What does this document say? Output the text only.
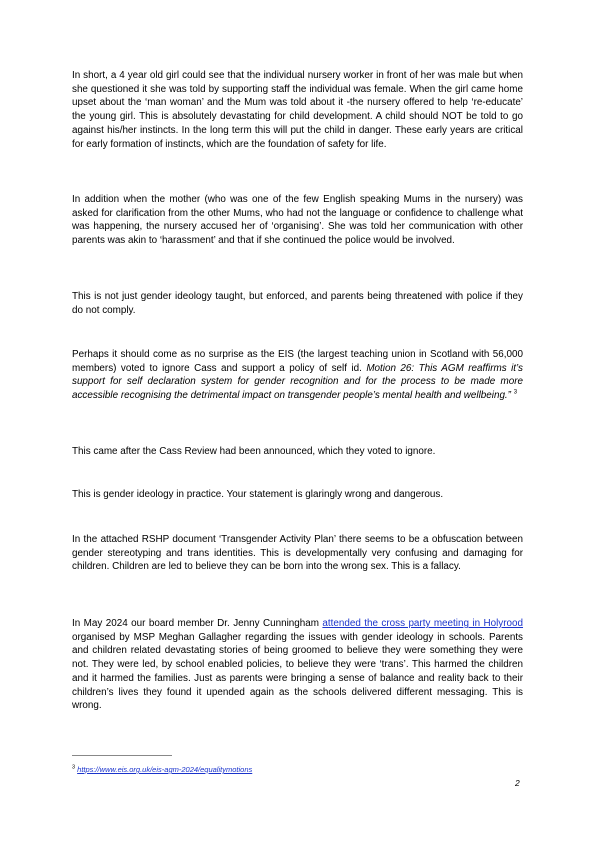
In short, a 4 year old girl could see that the individual nursery worker in front of her was male but when she questioned it she was told by supporting staff the individual was female. When the girl came home upset about the ‘man woman’ and the Mum was told about it -the nursery offered to help ‘re-educate’ the young girl. This is absolutely devastating for child development. A child should NOT be told to go against his/her instincts. In the long term this will put the child in danger. These early years are critical for early formation of instincts, which are the foundation of safety for life.

In addition when the mother (who was one of the few English speaking Mums in the nursery) was asked for clarification from the other Mums, who had not the language or confidence to challenge what was happening, the nursery accused her of ‘organising’. She was told her communication with other parents was akin to ‘harassment’ and that if she continued the police would be involved.

This is not just gender ideology taught, but enforced, and parents being threatened with police if they do not comply.

Perhaps it should come as no surprise as the EIS (the largest teaching union in Scotland with 56,000 members) voted to ignore Cass and support a policy of self id. Motion 26: This AGM reaffirms it’s support for self declaration system for gender recognition and for the process to be made more accessible recognising the detrimental impact on transgender people’s mental health and wellbeing.” $^3$

This came after the Cass Review had been announced, which they voted to ignore.

This is gender ideology in practice. Your statement is glaringly wrong and dangerous.

In the attached RSHP document ‘Transgender Activity Plan’ there seems to be a obfuscation between gender stereotyping and trans identities. This is developmentally very confusing and damaging for children. Children are led to believe they can be born into the wrong sex. This is a fallacy.

In May 2024 our board member Dr. Jenny Cunningham attended the cross party meeting in Holyrood organised by MSP Meghan Gallagher regarding the issues with gender ideology in schools. Parents and children related devastating stories of being groomed to believe they were something they were not. They were led, by school enabled policies, to believe they were ‘trans’. This harmed the children and it harmed the families. Just as parents were bringing a sense of balance and reality back to their children’s lives they found it upended again as the schools delivered different messaging. This is wrong.

$^3$ https://www.eis.org.uk/eis-agm-2024/equalitymotions
2
